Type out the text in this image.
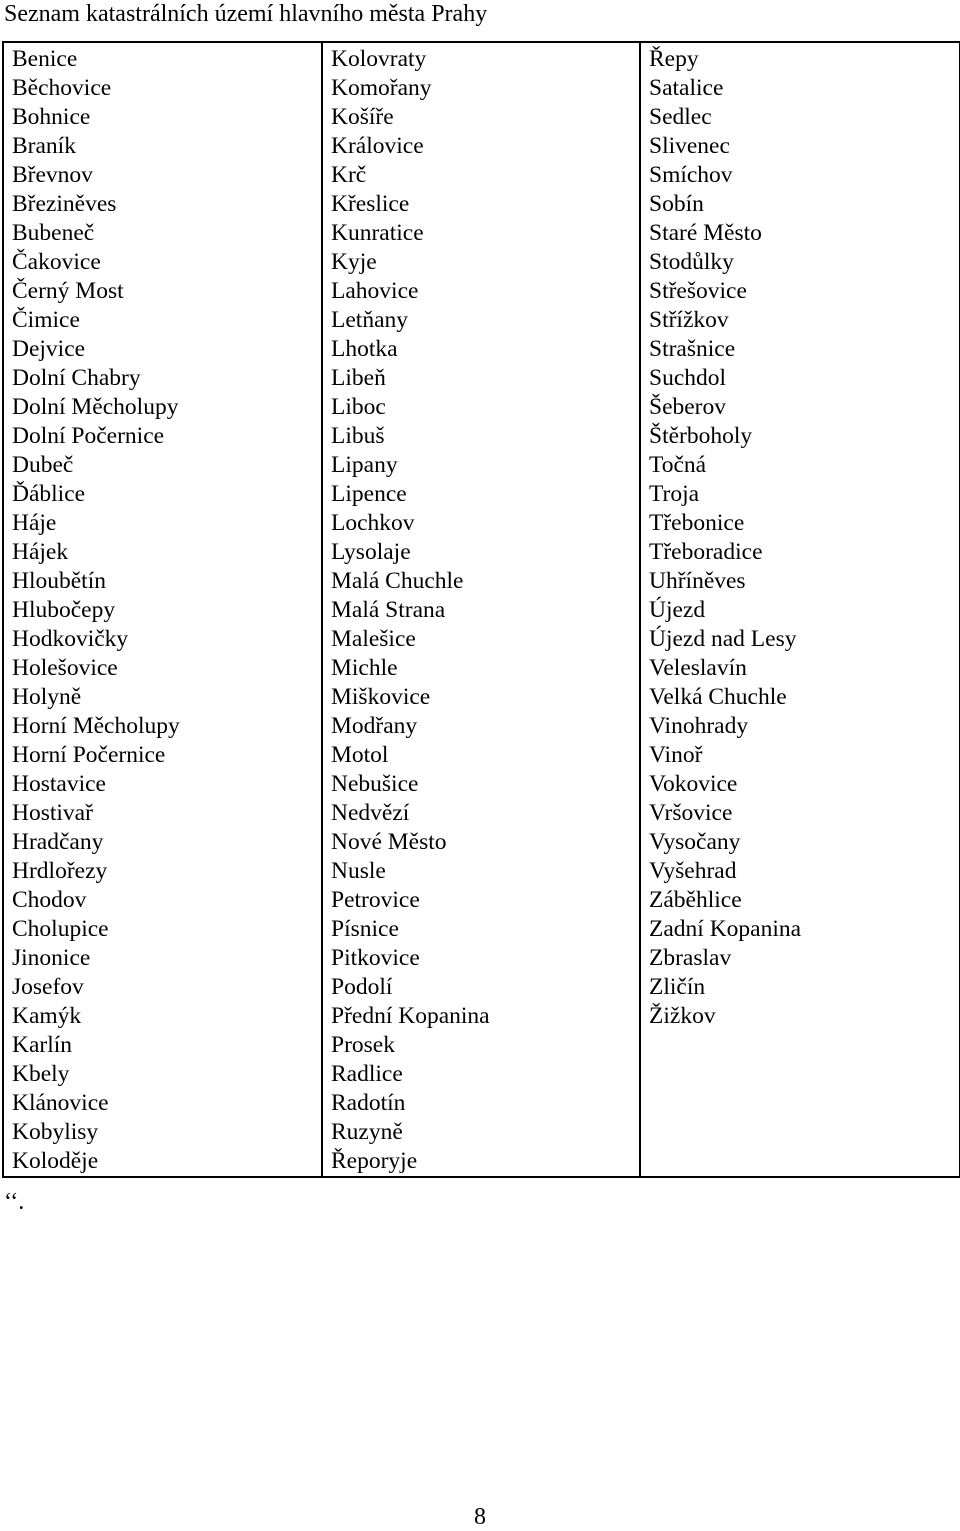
Seznam katastrálních území hlavního města Prahy
Benice
Běchovice
Bohnice
Braník
Břevnov
Březiněves
Bubeneč
Čakovice
Černý Most
Čimice
Dejvice
Dolní Chabry
Dolní Měcholupy
Dolní Počernice
Dubeč
Ďáblice
Háje
Hájek
Hloubětín
Hlubočepy
Hodkovičky
Holešovice
Holyně
Horní Měcholupy
Horní Počernice
Hostavice
Hostivař
Hradčany
Hrdlořezy
Chodov
Cholupice
Jinonice
Josefov
Kamýk
Karlín
Kbely
Klánovice
Kobylisy
Koloděje

Kolovraty
Komořany
Košíře
Královice
Krč
Křeslice
Kunratice
Kyje
Lahovice
Letňany
Lhotka
Libeň
Liboc
Libuš
Lipany
Lipence
Lochkov
Lysolaje
Malá Chuchle
Malá Strana
Malešice
Michle
Miškovice
Modřany
Motol
Nebušice
Nedvězí
Nové Město
Nusle
Petrovice
Písnice
Pitkovice
Podolí
Přední Kopanina
Prosek
Radlice
Radotín
Ruzyně
Řeporyje

Řepy
Satalice
Sedlec
Slivenec
Smíchov
Sobín
Staré Město
Stodůlky
Střešovice
Střížkov
Strašnice
Suchdol
Šeberov
Štěrboholy
Točná
Troja
Třebonice
Třeboradice
Uhříněves
Újezd
Újezd nad Lesy
Veleslavín
Velká Chuchle
Vinohrady
Vinoř
Vokovice
Vršovice
Vysočany
Vyšehrad
Záběhlice
Zadní Kopanina
Zbraslav
Zličín
Žižkov
‘‘.
8
